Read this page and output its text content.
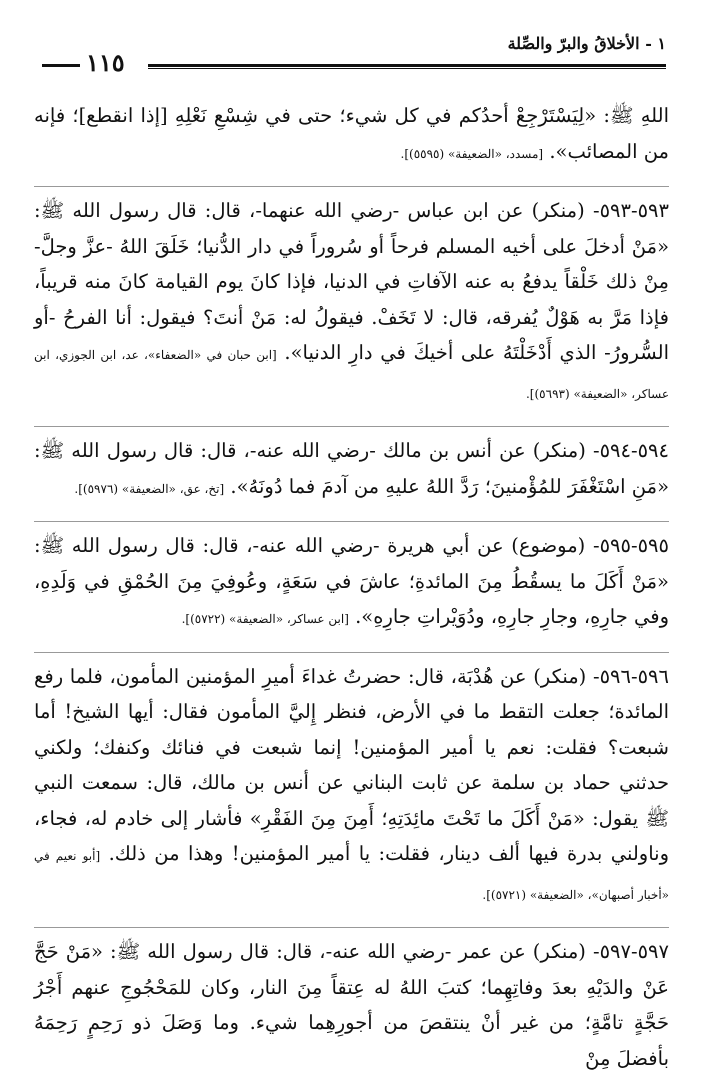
١ - الأخلاقُ والبرّ والصِّلة
١١٥

اللهِ ﷺ: «لِيَسْتَرْجِعْ أحدُكم في كل شيء؛ حتى في شِسْعِ نَعْلِهِ [إذا انقطع]؛ فإنه من المصائب». [مسدد، «الضعيفة» (٥٥٩٥)].

٥٩٣-٥٩٣- (منكر) عن ابن عباس -رضي الله عنهما-، قال: قال رسول الله ﷺ: «مَنْ أدخلَ على أخيه المسلم فرحاً أو سُروراً في دار الدُّنيا؛ خَلَقَ اللهُ -عزَّ وجلَّ- مِنْ ذلك خَلْقاً يدفعُ به عنه الآفاتِ في الدنيا، فإذا كانَ يوم القيامة كانَ منه قريباً، فإذا مَرَّ به هَوْلٌ يُفرقه، قال: لا تَخَفْ. فيقولُ له: مَنْ أنتَ؟ فيقول: أنا الفرحُ -أو السُّرورُ- الذي أَدْخَلْتَهُ على أخيكَ في دارِ الدنيا». [ابن حبان في «الضعفاء»، عد، ابن الجوزي، ابن عساكر، «الضعيفة» (٥٦٩٣)].

٥٩٤-٥٩٤- (منكر) عن أنس بن مالك -رضي الله عنه-، قال: قال رسول الله ﷺ: «مَنِ اسْتَغْفَرَ للمُؤْمنينَ؛ رَدَّ اللهُ عليهِ من آدمَ فما دُونَهُ». [تخ، عق، «الضعيفة» (٥٩٧٦)].

٥٩٥-٥٩٥- (موضوع) عن أبي هريرة -رضي الله عنه-، قال: قال رسول الله ﷺ: «مَنْ أَكَلَ ما يسقُطُ مِنَ المائدةِ؛ عاشَ في سَعَةٍ، وعُوفِيَ مِنَ الحُمْقِ في وَلَدِهِ، وفي جارِهِ، وجارِ جارِهِ، ودُوَيْراتِ جارِهِ». [ابن عساكر، «الضعيفة» (٥٧٢٢)].

٥٩٦-٥٩٦- (منكر) عن هُدْبَة، قال: حضرتُ غداءَ أميرِ المؤمنين المأمون، فلما رفع المائدة؛ جعلت التقط ما في الأرض، فنظر إِليَّ المأمون فقال: أيها الشيخ! أما شبعت؟ فقلت: نعم يا أمير المؤمنين! إنما شبعت في فنائك وكنفك؛ ولكني حدثني حماد بن سلمة عن ثابت البناني عن أنس بن مالك، قال: سمعت النبي ﷺ يقول: «مَنْ أَكَلَ ما تَحْتَ مائِدَتِهِ؛ أَمِنَ مِنَ الفَقْرِ» فأشار إلى خادم له، فجاء، وناولني بدرة فيها ألف دينار، فقلت: يا أمير المؤمنين! وهذا من ذلك. [أبو نعيم في «أخبار أصبهان»، «الضعيفة» (٥٧٢١)].

٥٩٧-٥٩٧- (منكر) عن عمر -رضي الله عنه-، قال: قال رسول الله ﷺ: «مَنْ حَجَّ عَنْ والدَيْهِ بعدَ وفاتِهِما؛ كتبَ اللهُ له عِتقاً مِنَ النار، وكان للمَحْجُوجِ عنهم أَجْرُ حَجَّةٍ تامَّةٍ؛ من غير أنْ ينتقصَ من أجورِهِما شيء. وما وَصَلَ ذو رَحِمٍ رَحِمَهُ بأفضلَ مِنْ
